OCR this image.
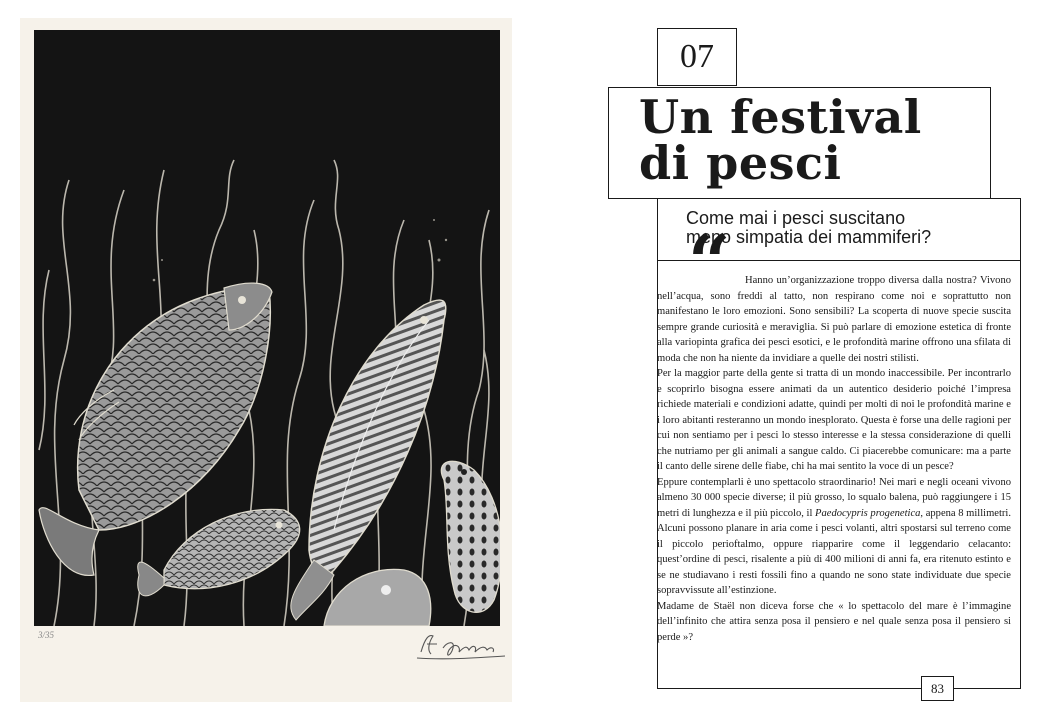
3/35
07
Un festival
di pesci
Come mai i pesci suscitano
meno simpatia dei mammiferi?
“	Hanno un’organizzazione troppo diversa dalla nostra? Vivono nell’acqua, sono freddi al tatto, non respirano come noi e soprattutto non manifestano le loro emozioni. Sono sensibili? La scoperta di nuove specie suscita sempre grande curiosità e meraviglia. Si può parlare di emozione estetica di fronte alla variopinta grafica dei pesci esotici, e le profondità marine offrono una sfilata di moda che non ha niente da invidiare a quelle dei nostri stilisti.

Per la maggior parte della gente si tratta di un mondo inaccessibile. Per incontrarlo e scoprirlo bisogna essere animati da un autentico desiderio poiché l’impresa richiede materiali e condizioni adatte, quindi per molti di noi le profondità marine e i loro abitanti resteranno un mondo inesplorato. Questa è forse una delle ragioni per cui non sentiamo per i pesci lo stesso interesse e la stessa considerazione di quelli che nutriamo per gli animali a sangue caldo. Ci piacerebbe comunicare: ma a parte il canto delle sirene delle fiabe, chi ha mai sentito la voce di un pesce?

Eppure contemplarli è uno spettacolo straordinario! Nei mari e negli oceani vivono almeno 30 000 specie diverse; il più grosso, lo squalo balena, può raggiungere i 15 metri di lunghezza e il più piccolo, il Paedocypris progenetica, appena 8 millimetri. Alcuni possono planare in aria come i pesci volanti, altri spostarsi sul terreno come il piccolo perioftalmo, oppure riapparire come il leggendario celacanto: quest’ordine di pesci, risalente a più di 400 milioni di anni fa, era ritenuto estinto e se ne studiavano i resti fossili fino a quando ne sono state individuate due specie sopravvissute all’estinzione.

Madame de Staël non diceva forse che « lo spettacolo del mare è l’immagine dell’infinito che attira senza posa il pensiero e nel quale senza posa il pensiero si perde »?

83
